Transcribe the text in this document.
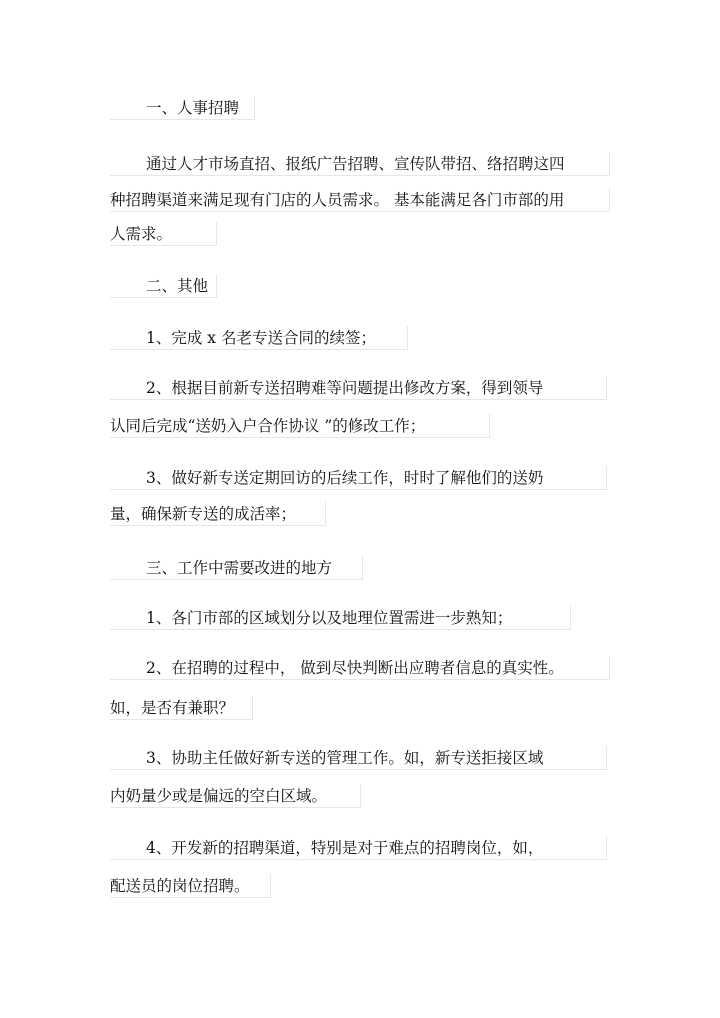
一、人事招聘
通过人才市场直招、报纸广告招聘、宣传队带招、络招聘这四
种招聘渠道来满足现有门店的人员需求。 基本能满足各门市部的用
人需求。
二、其他
1、完成 x 名老专送合同的续签；
2、根据目前新专送招聘难等问题提出修改方案，得到领导
认同后完成“送奶入户合作协议 ”的修改工作；
3、做好新专送定期回访的后续工作，时时了解他们的送奶
量，确保新专送的成活率；
三、工作中需要改进的地方
1、各门市部的区域划分以及地理位置需进一步熟知；
2、在招聘的过程中， 做到尽快判断出应聘者信息的真实性。
如，是否有兼职？
3、协助主任做好新专送的管理工作。如，新专送拒接区域
内奶量少或是偏远的空白区域。
4、开发新的招聘渠道，特别是对于难点的招聘岗位，如，
配送员的岗位招聘。
